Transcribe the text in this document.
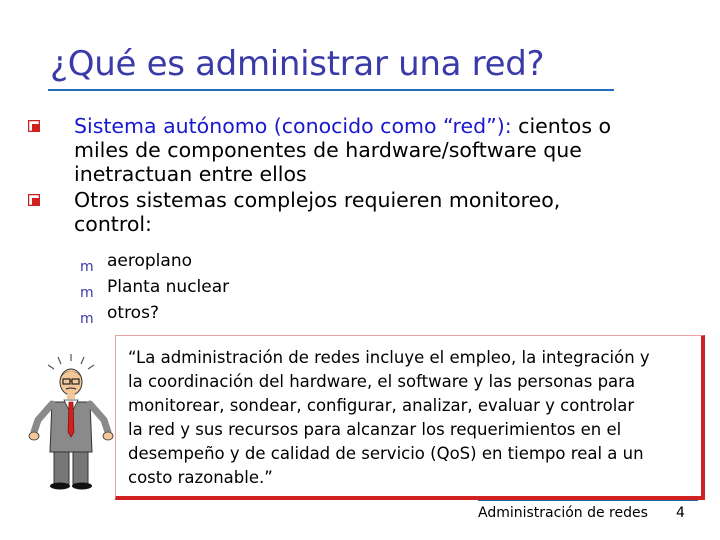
¿Qué es administrar una red?
Sistema autónomo (conocido como “red”): cientos o
miles de componentes de hardware/software que
inetractuan entre ellos
Otros sistemas complejos requieren monitoreo,
control:
m aeroplano
m Planta nuclear
m otros?
“La administración de redes incluye el empleo, la integración y
la coordinación del hardware, el software y las personas para
monitorear, sondear, configurar, analizar, evaluar y controlar
la red y sus recursos para alcanzar los requerimientos en el
desempeño y de calidad de servicio (QoS) en tiempo real a un
costo razonable.”
Administración de redes 4
